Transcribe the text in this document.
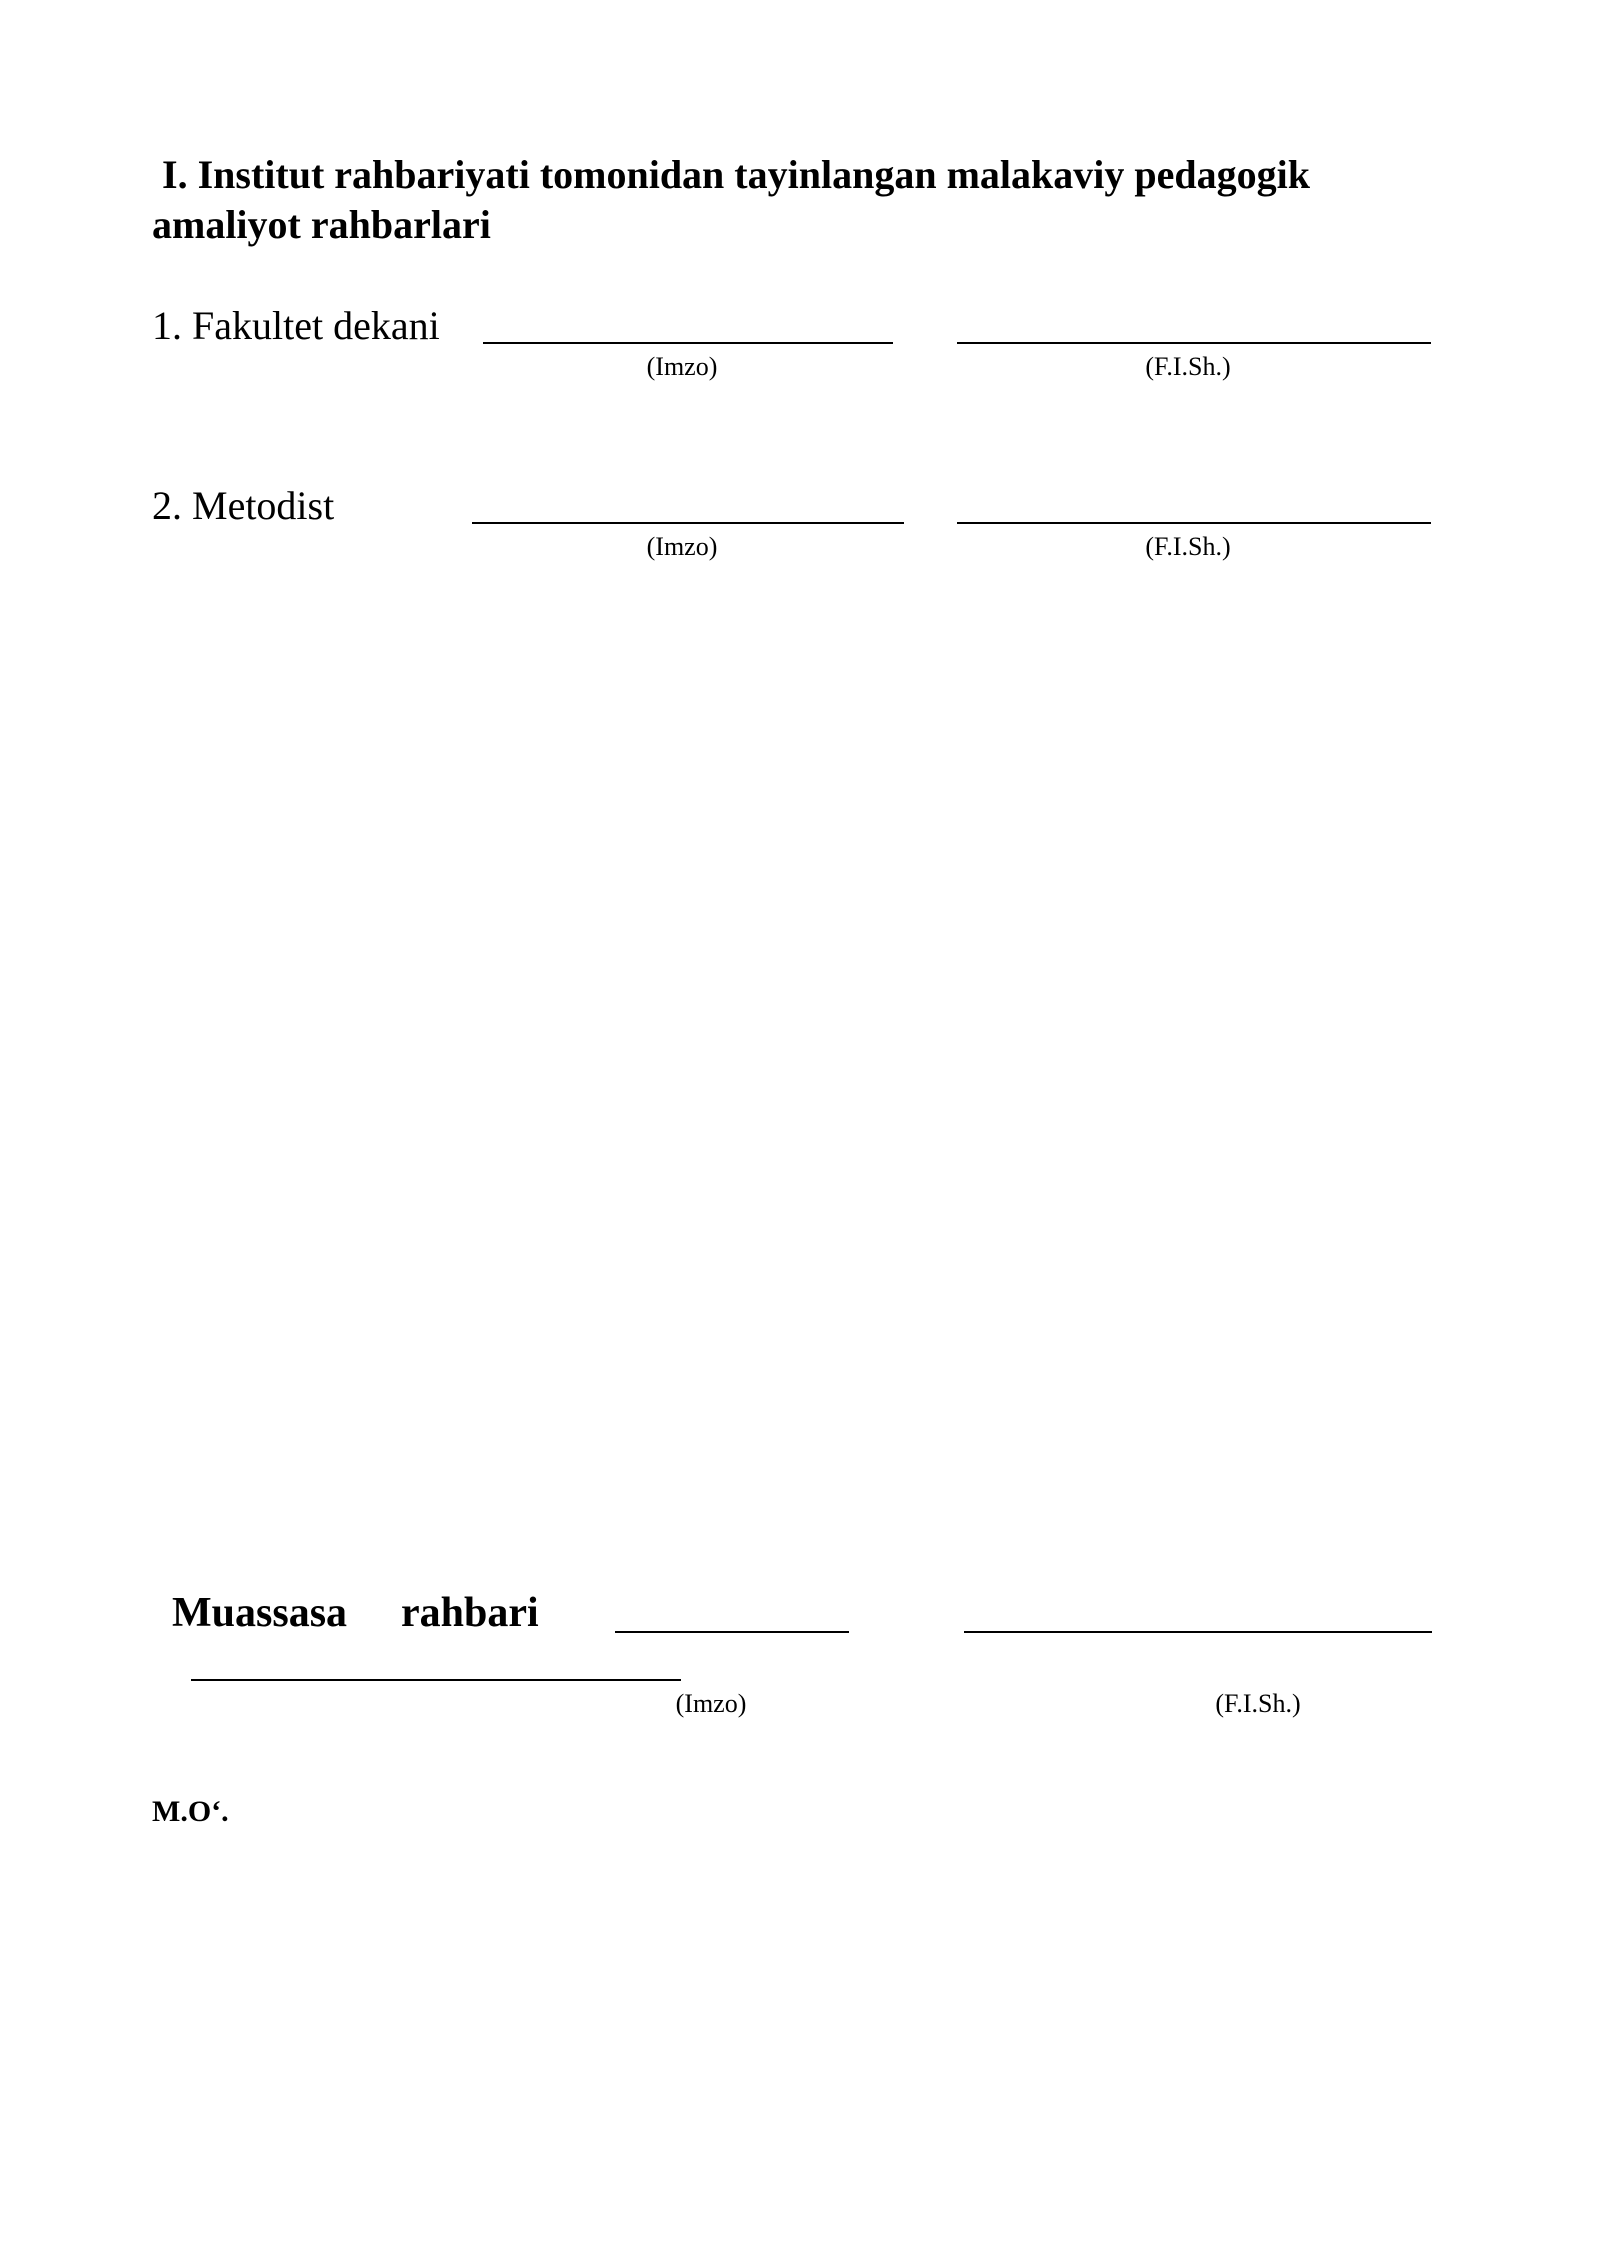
I. Institut rahbariyati tomonidan tayinlangan malakaviy pedagogik
amaliyot rahbarlari
1. Fakultet dekani
(Imzo)	(F.I.Sh.)
2. Metodist
(Imzo)	(F.I.Sh.)
Muassasa rahbari
(Imzo)	(F.I.Sh.)
M.O‘.
